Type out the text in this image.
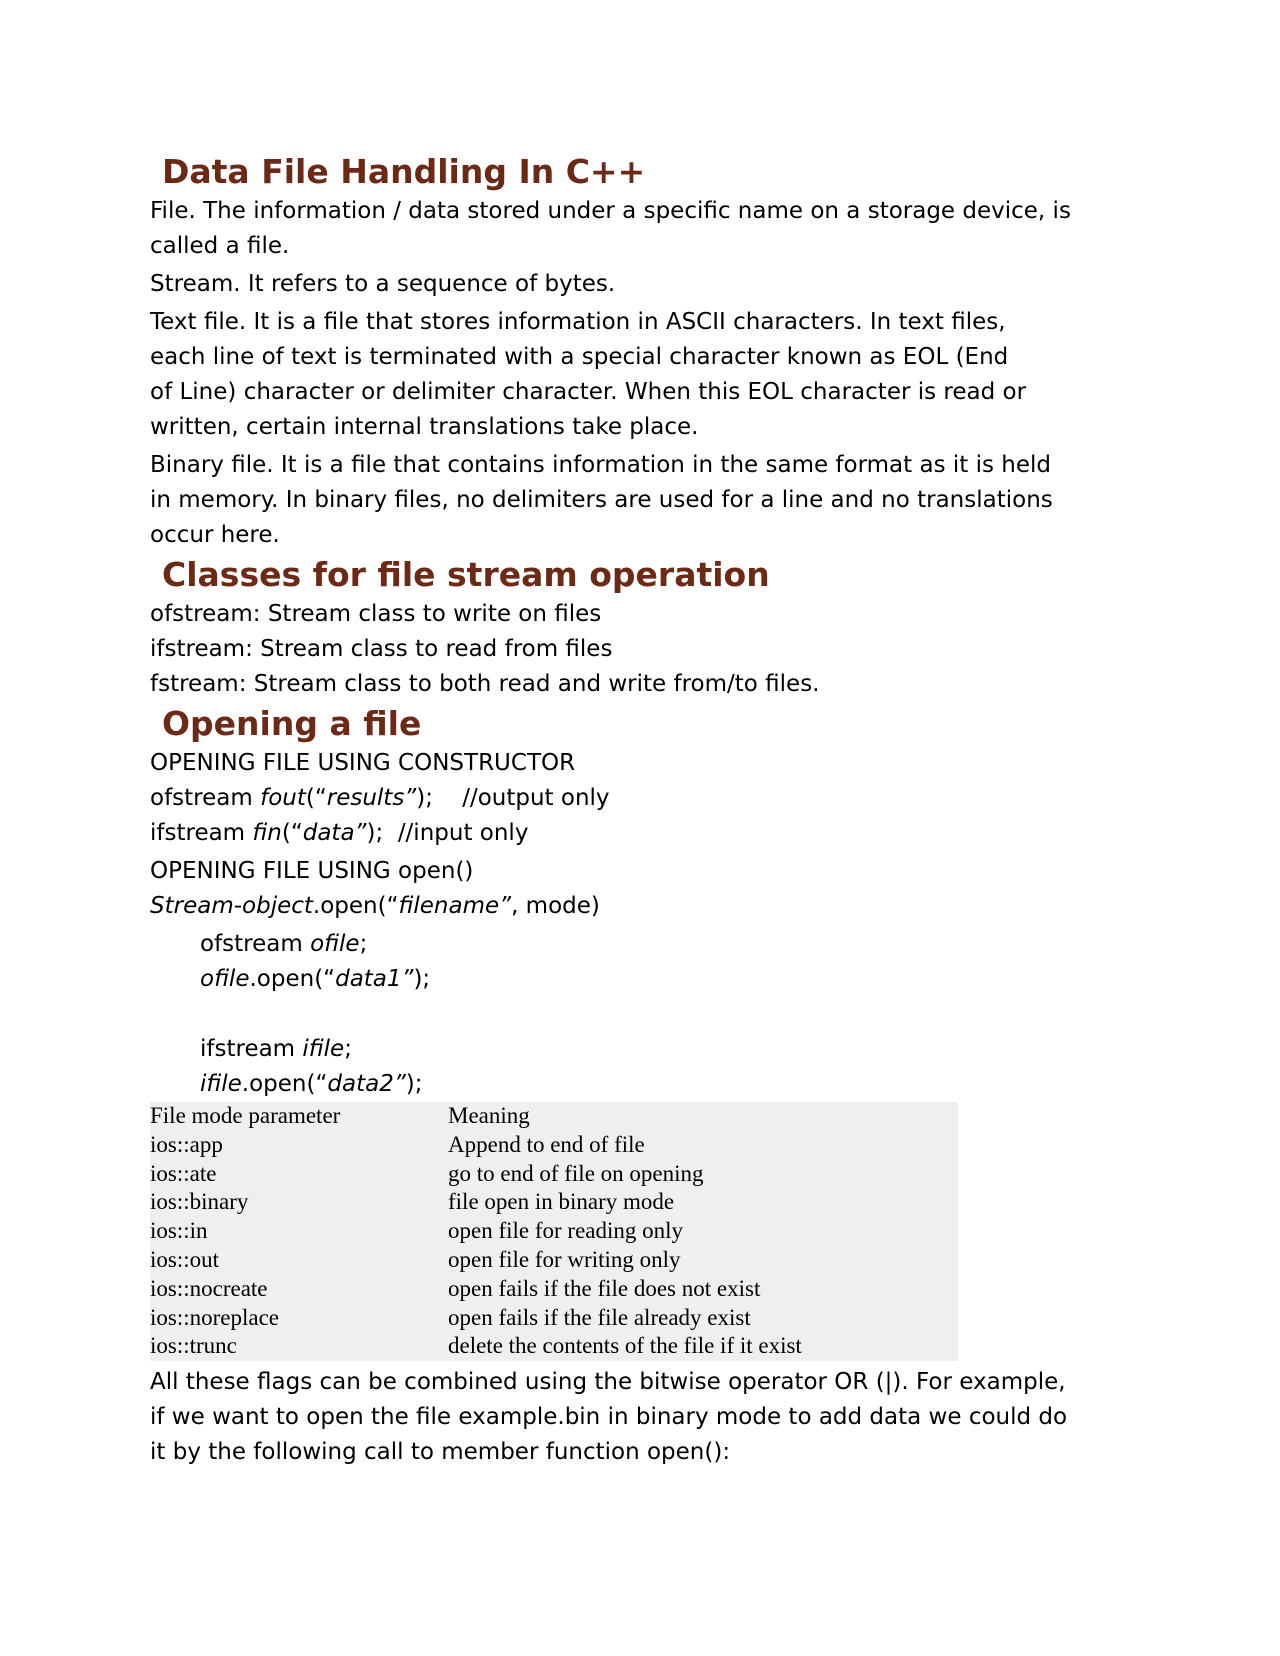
Data File Handling In C++

File. The information / data stored under a specific name on a storage device, is called a file.

Stream. It refers to a sequence of bytes.

Text file. It is a file that stores information in ASCII characters. In text files,

each line of text is terminated with a special character known as EOL (End

of Line) character or delimiter character. When this EOL character is read or

written, certain internal translations take place.

Binary file. It is a file that contains information in the same format as it is held

in memory. In binary files, no delimiters are used for a line and no translations

occur here.

Classes for file stream operation

ofstream: Stream class to write on files

ifstream: Stream class to read from files

fstream: Stream class to both read and write from/to files.

Opening a file

OPENING FILE USING CONSTRUCTOR

ofstream fout(“results”);    //output only

ifstream fin(“data”);  //input only

OPENING FILE USING open()

Stream-object.open(“filename”, mode)

ofstream ofile;

ofile.open(“data1”);

ifstream ifile;

ifile.open(“data2”);

File mode parameter	Meaning
ios::app	Append to end of file
ios::ate	go to end of file on opening
ios::binary	file open in binary mode
ios::in	open file for reading only
ios::out	open file for writing only
ios::nocreate	open fails if the file does not exist
ios::noreplace	open fails if the file already exist
ios::trunc	delete the contents of the file if it exist

All these flags can be combined using the bitwise operator OR (|). For example,

if we want to open the file example.bin in binary mode to add data we could do

it by the following call to member function open():
